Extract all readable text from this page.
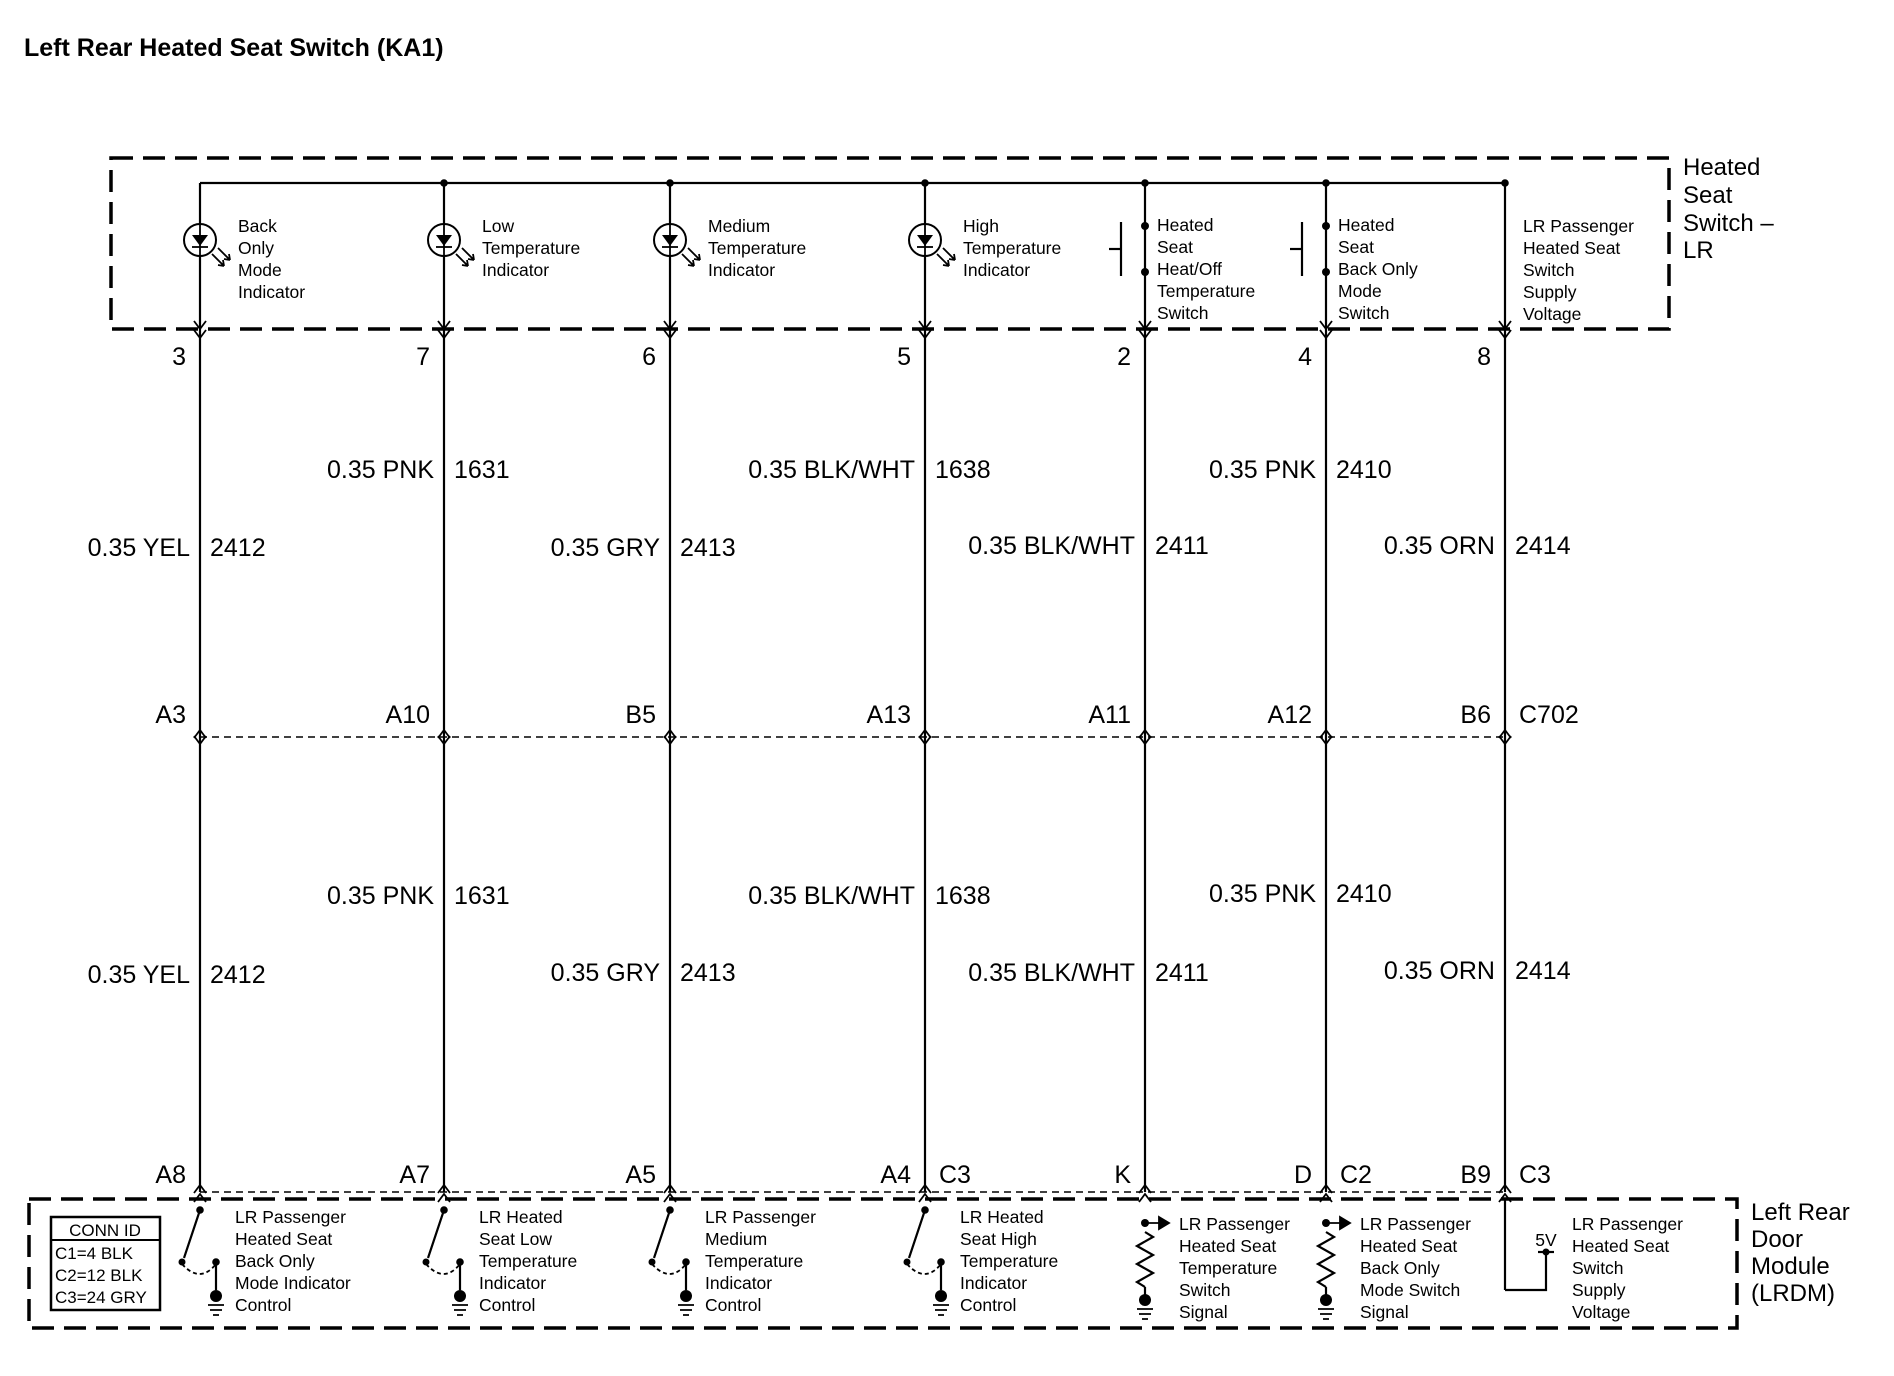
Left Rear Heated Seat Switch (KA1)
Heated Seat Switch – LR
Left Rear Door Module (LRDM)
CONN ID
C1=4 BLK
C2=12 BLK
C3=24 GRY
3
0.35 YEL 2412
0.35 YEL 2412
A3
A8
Back Only Mode Indicator
LR Passenger Heated Seat Back Only Mode Indicator Control
7
0.35 PNK 1631
0.35 PNK 1631
A10
A7
Low Temperature Indicator
LR Heated Seat Low Temperature Indicator Control
6
0.35 GRY 2413
0.35 GRY 2413
B5
A5
Medium Temperature Indicator
LR Passenger Medium Temperature Indicator Control
5
0.35 BLK/WHT 1638
0.35 BLK/WHT 1638
A13
A4 C3
High Temperature Indicator
LR Heated Seat High Temperature Indicator Control
2
0.35 BLK/WHT 2411
0.35 BLK/WHT 2411
A11
K
Heated Seat Heat/Off Temperature Switch
LR Passenger Heated Seat Temperature Switch Signal
4
0.35 PNK 2410
0.35 PNK 2410
A12
D C2
Heated Seat Back Only Mode Switch
LR Passenger Heated Seat Back Only Mode Switch Signal
8
0.35 ORN 2414
0.35 ORN 2414
B6 C702
B9 C3
5V
LR Passenger Heated Seat Switch Supply Voltage
LR Passenger Heated Seat Switch Supply Voltage
